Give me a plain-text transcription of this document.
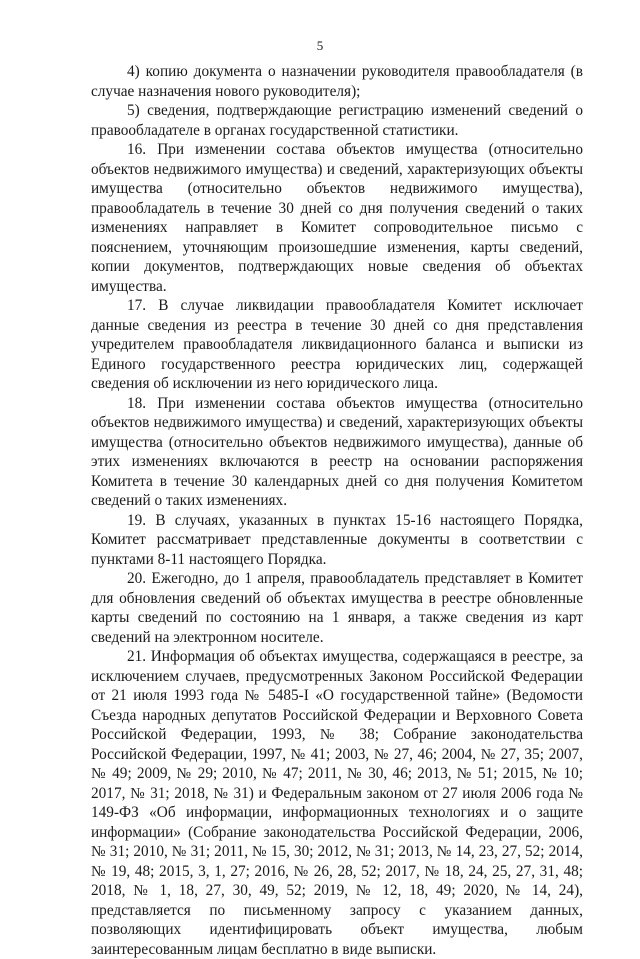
5

4) копию документа о назначении руководителя правообладателя (в случае назначения нового руководителя);

5) сведения, подтверждающие регистрацию изменений сведений о правообладателе в органах государственной статистики.

16. При изменении состава объектов имущества (относительно объектов недвижимого имущества) и сведений, характеризующих объекты имущества (относительно объектов недвижимого имущества), правообладатель в течение 30 дней со дня получения сведений о таких изменениях направляет в Комитет сопроводительное письмо с пояснением, уточняющим произошедшие изменения, карты сведений, копии документов, подтверждающих новые сведения об объектах имущества.

17. В случае ликвидации правообладателя Комитет исключает данные сведения из реестра в течение 30 дней со дня представления учредителем правообладателя ликвидационного баланса и выписки из Единого государственного реестра юридических лиц, содержащей сведения об исключении из него юридического лица.

18. При изменении состава объектов имущества (относительно объектов недвижимого имущества) и сведений, характеризующих объекты имущества (относительно объектов недвижимого имущества), данные об этих изменениях включаются в реестр на основании распоряжения Комитета в течение 30 календарных дней со дня получения Комитетом сведений о таких изменениях.

19. В случаях, указанных в пунктах 15-16 настоящего Порядка, Комитет рассматривает представленные документы в соответствии с пунктами 8-11 настоящего Порядка.

20. Ежегодно, до 1 апреля, правообладатель представляет в Комитет для обновления сведений об объектах имущества в реестре обновленные карты сведений по состоянию на 1 января, а также сведения из карт сведений на электронном носителе.

21. Информация об объектах имущества, содержащаяся в реестре, за исключением случаев, предусмотренных Законом Российской Федерации от 21 июля 1993 года № 5485-I «О государственной тайне» (Ведомости Съезда народных депутатов Российской Федерации и Верховного Совета Российской Федерации, 1993, № 38; Собрание законодательства Российской Федерации, 1997, № 41; 2003, № 27, 46; 2004, № 27, 35; 2007, № 49; 2009, № 29; 2010, № 47; 2011, № 30, 46; 2013, № 51; 2015, № 10; 2017, № 31; 2018, № 31) и Федеральным законом от 27 июля 2006 года № 149-ФЗ «Об информации, информационных технологиях и о защите информации» (Собрание законодательства Российской Федерации, 2006, № 31; 2010, № 31; 2011, № 15, 30; 2012, № 31; 2013, № 14, 23, 27, 52; 2014, № 19, 48; 2015, 3, 1, 27; 2016, № 26, 28, 52; 2017, № 18, 24, 25, 27, 31, 48; 2018, № 1, 18, 27, 30, 49, 52; 2019, № 12, 18, 49; 2020, № 14, 24), представляется по письменному запросу с указанием данных, позволяющих идентифицировать объект имущества, любым заинтересованным лицам бесплатно в виде выписки.
